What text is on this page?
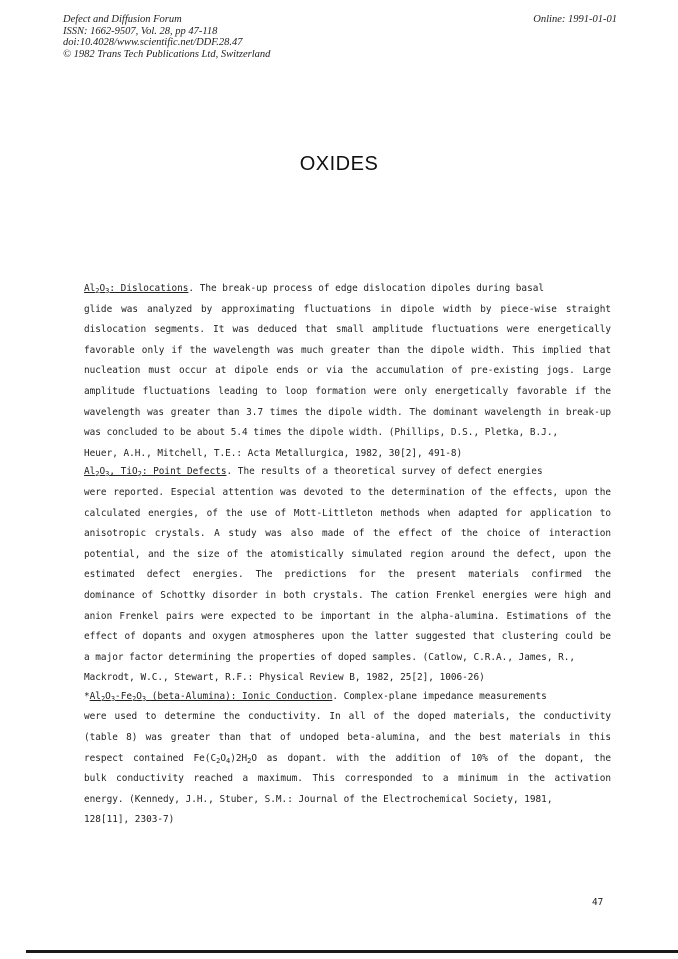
Defect and Diffusion Forum
ISSN: 1662-9507, Vol. 28, pp 47-118
doi:10.4028/www.scientific.net/DDF.28.47
© 1982 Trans Tech Publications Ltd, Switzerland
Online: 1991-01-01
OXIDES
$Al_2O_3$: Dislocations. The break-up process of edge dislocation dipoles during basal
glide was analyzed by approximating fluctuations in dipole width by piece-wise straight
dislocation segments. It was deduced that small amplitude fluctuations were energetically
favorable only if the wavelength was much greater than the dipole width. This implied that
nucleation must occur at dipole ends or via the accumulation of pre-existing jogs. Large
amplitude fluctuations leading to loop formation were only energetically favorable if the
wavelength was greater than 3.7 times the dipole width. The dominant wavelength in break-up
was concluded to be about 5.4 times the dipole width. (Phillips, D.S., Pletka, B.J.,
Heuer, A.H., Mitchell, T.E.: Acta Metallurgica, 1982, 30[2], 491-8)
$Al_2O_3$, TiO$_2$: Point Defects. The results of a theoretical survey of defect energies
were reported. Especial attention was devoted to the determination of the effects, upon the
calculated energies, of the use of Mott-Littleton methods when adapted for application to
anisotropic crystals. A study was also made of the effect of the choice of interaction
potential, and the size of the atomistically simulated region around the defect, upon the
estimated defect energies. The predictions for the present materials confirmed the
dominance of Schottky disorder in both crystals. The cation Frenkel energies were high and
anion Frenkel pairs were expected to be important in the alpha-alumina. Estimations of the
effect of dopants and oxygen atmospheres upon the latter suggested that clustering could be
a major factor determining the properties of doped samples. (Catlow, C.R.A., James, R.,
Mackrodt, W.C., Stewart, R.F.: Physical Review B, 1982, 25[2], 1006-26)
$*Al_2O_3-Fe_2O_3$ (beta-Alumina): Ionic Conduction. Complex-plane impedance measurements
were used to determine the conductivity. In all of the doped materials, the conductivity
(table 8) was greater than that of undoped beta-alumina, and the best materials in this
respect contained $Fe(C_2O_4)2H_2O$ as dopant. with the addition of 10% of the dopant, the
bulk conductivity reached a maximum. This corresponded to a minimum in the activation
energy. (Kennedy, J.H., Stuber, S.M.: Journal of the Electrochemical Society, 1981,
128[11], 2303-7)
47
